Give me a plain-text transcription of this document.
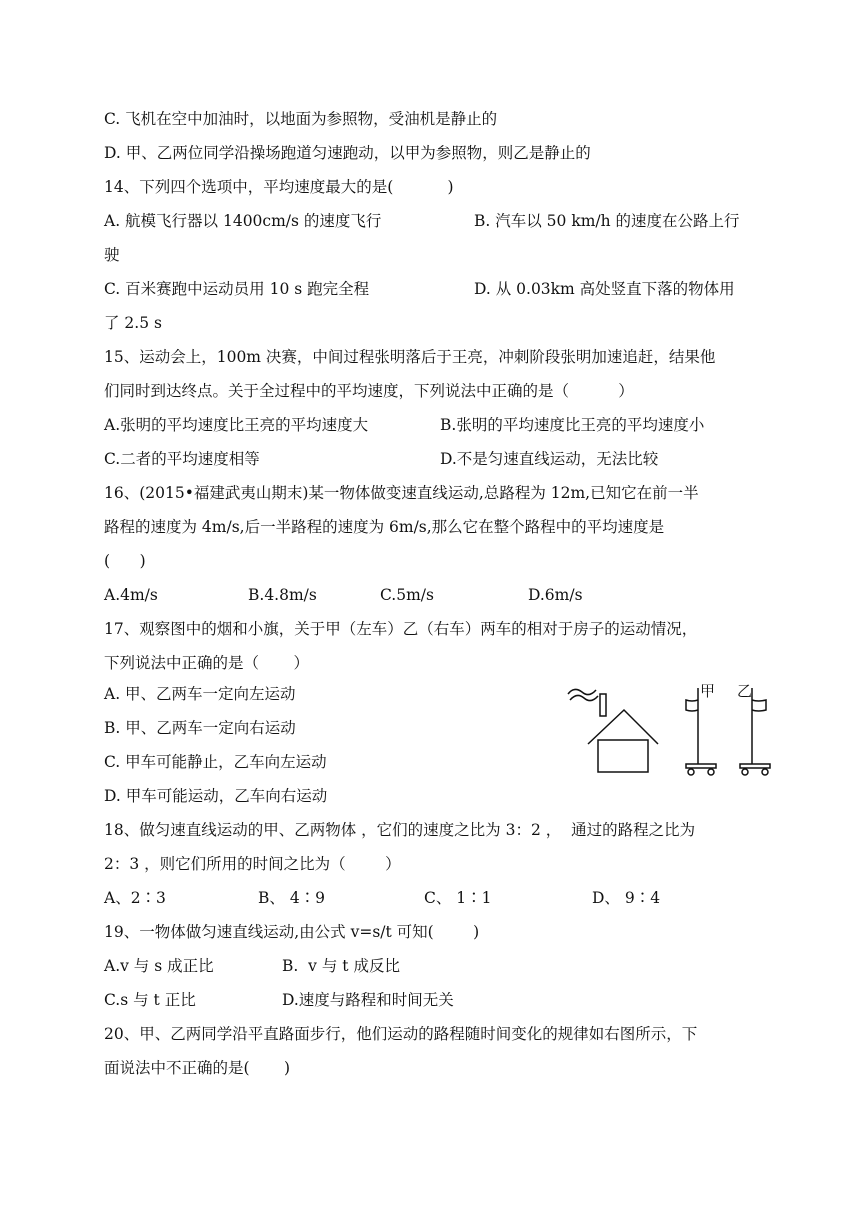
C. 飞机在空中加油时，以地面为参照物，受油机是静止的
D. 甲、乙两位同学沿操场跑道匀速跑动，以甲为参照物，则乙是静止的
14、下列四个选项中，平均速度最大的是(           )
A. 航模飞行器以 1400cm/s 的速度飞行	B. 汽车以 50 km/h 的速度在公路上行
驶
C. 百米赛跑中运动员用 10 s 跑完全程	D. 从 0.03km 高处竖直下落的物体用
了 2.5 s
15、运动会上，100m 决赛，中间过程张明落后于王亮，冲刺阶段张明加速追赶，结果他
们同时到达终点。关于全过程中的平均速度，下列说法中正确的是（          ）
A.张明的平均速度比王亮的平均速度大	B.张明的平均速度比王亮的平均速度小
C.二者的平均速度相等	D.不是匀速直线运动，无法比较
16、(2015•福建武夷山期末)某一物体做变速直线运动,总路程为 12m,已知它在前一半
路程的速度为 4m/s,后一半路程的速度为 6m/s,那么它在整个路程中的平均速度是
(      )
A.4m/s	B.4.8m/s	C.5m/s	D.6m/s
17、观察图中的烟和小旗，关于甲（左车）乙（右车）两车的相对于房子的运动情况，
下列说法中正确的是（       ）
A. 甲、乙两车一定向左运动
B. 甲、乙两车一定向右运动
C. 甲车可能静止，乙车向左运动
D. 甲车可能运动，乙车向右运动
甲 乙
18、做匀速直线运动的甲、乙两物体 ，它们的速度之比为 3：2 ，  通过的路程之比为
2：3 ，则它们所用的时间之比为（        ）
A、2∶3	B、 4∶9	C、 1∶1	D、 9∶4
19、一物体做匀速直线运动,由公式 v=s/t 可知(        )
A.v 与 s 成正比	B.  v 与 t 成反比
C.s 与 t 正比	D.速度与路程和时间无关
20、甲、乙两同学沿平直路面步行，他们运动的路程随时间变化的规律如右图所示，下
面说法中不正确的是(       )
